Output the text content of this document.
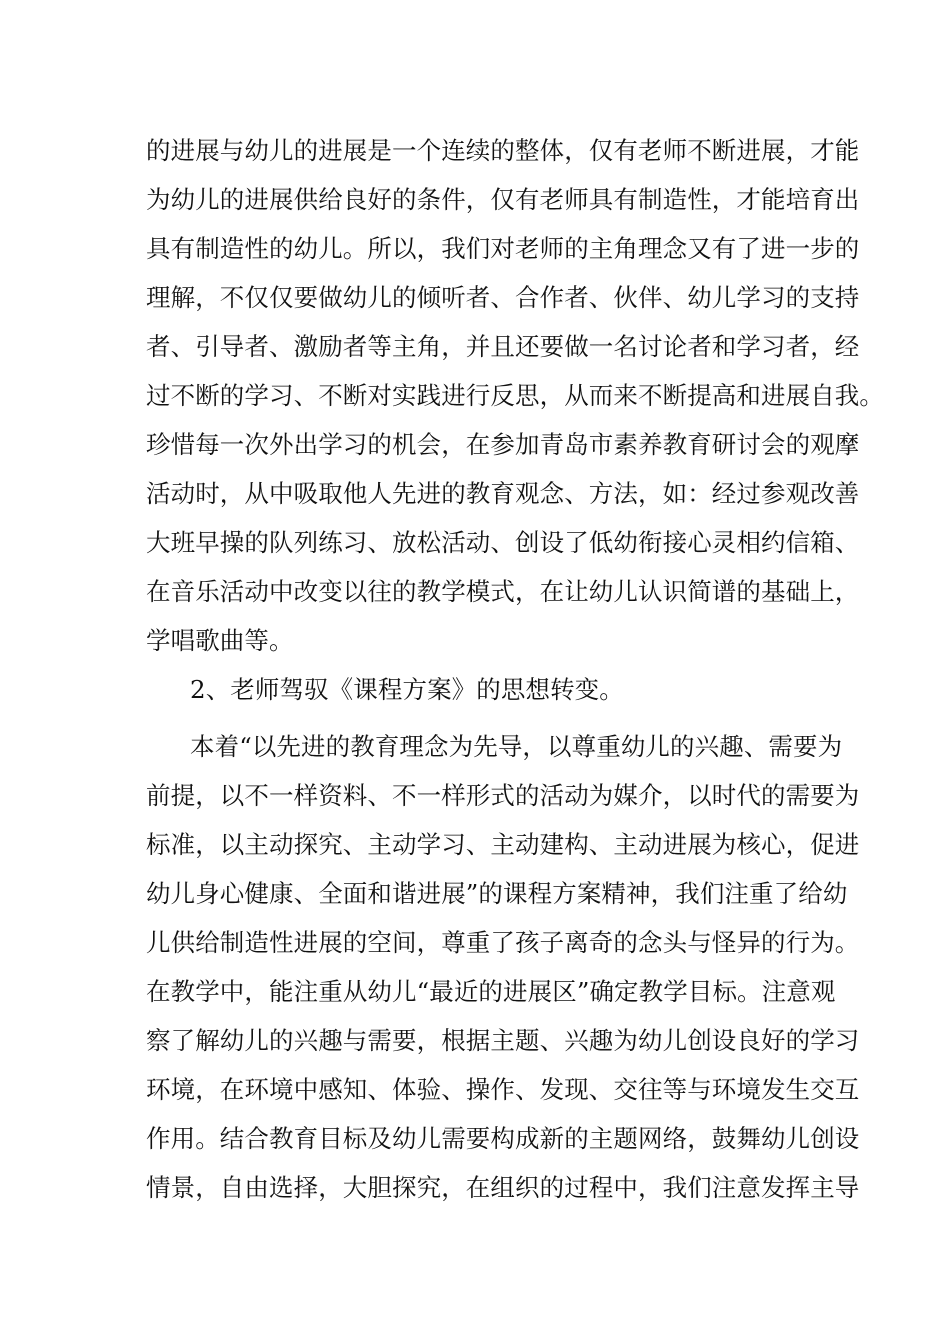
的进展与幼儿的进展是一个连续的整体，仅有老师不断进展，才能
为幼儿的进展供给良好的条件，仅有老师具有制造性，才能培育出
具有制造性的幼儿。所以，我们对老师的主角理念又有了进一步的
理解，不仅仅要做幼儿的倾听者、合作者、伙伴、幼儿学习的支持
者、引导者、激励者等主角，并且还要做一名讨论者和学习者，经
过不断的学习、不断对实践进行反思，从而来不断提高和进展自我。
珍惜每一次外出学习的机会，在参加青岛市素养教育研讨会的观摩
活动时，从中吸取他人先进的教育观念、方法，如：经过参观改善
大班早操的队列练习、放松活动、创设了低幼衔接心灵相约信箱、
在音乐活动中改变以往的教学模式，在让幼儿认识简谱的基础上，
学唱歌曲等。
2、老师驾驭《课程方案》的思想转变。
本着“以先进的教育理念为先导，以尊重幼儿的兴趣、需要为
前提，以不一样资料、不一样形式的活动为媒介，以时代的需要为
标准，以主动探究、主动学习、主动建构、主动进展为核心，促进
幼儿身心健康、全面和谐进展”的课程方案精神，我们注重了给幼
儿供给制造性进展的空间，尊重了孩子离奇的念头与怪异的行为。
在教学中，能注重从幼儿“最近的进展区”确定教学目标。注意观
察了解幼儿的兴趣与需要，根据主题、兴趣为幼儿创设良好的学习
环境，在环境中感知、体验、操作、发现、交往等与环境发生交互
作用。结合教育目标及幼儿需要构成新的主题网络，鼓舞幼儿创设
情景，自由选择，大胆探究，在组织的过程中，我们注意发挥主导
